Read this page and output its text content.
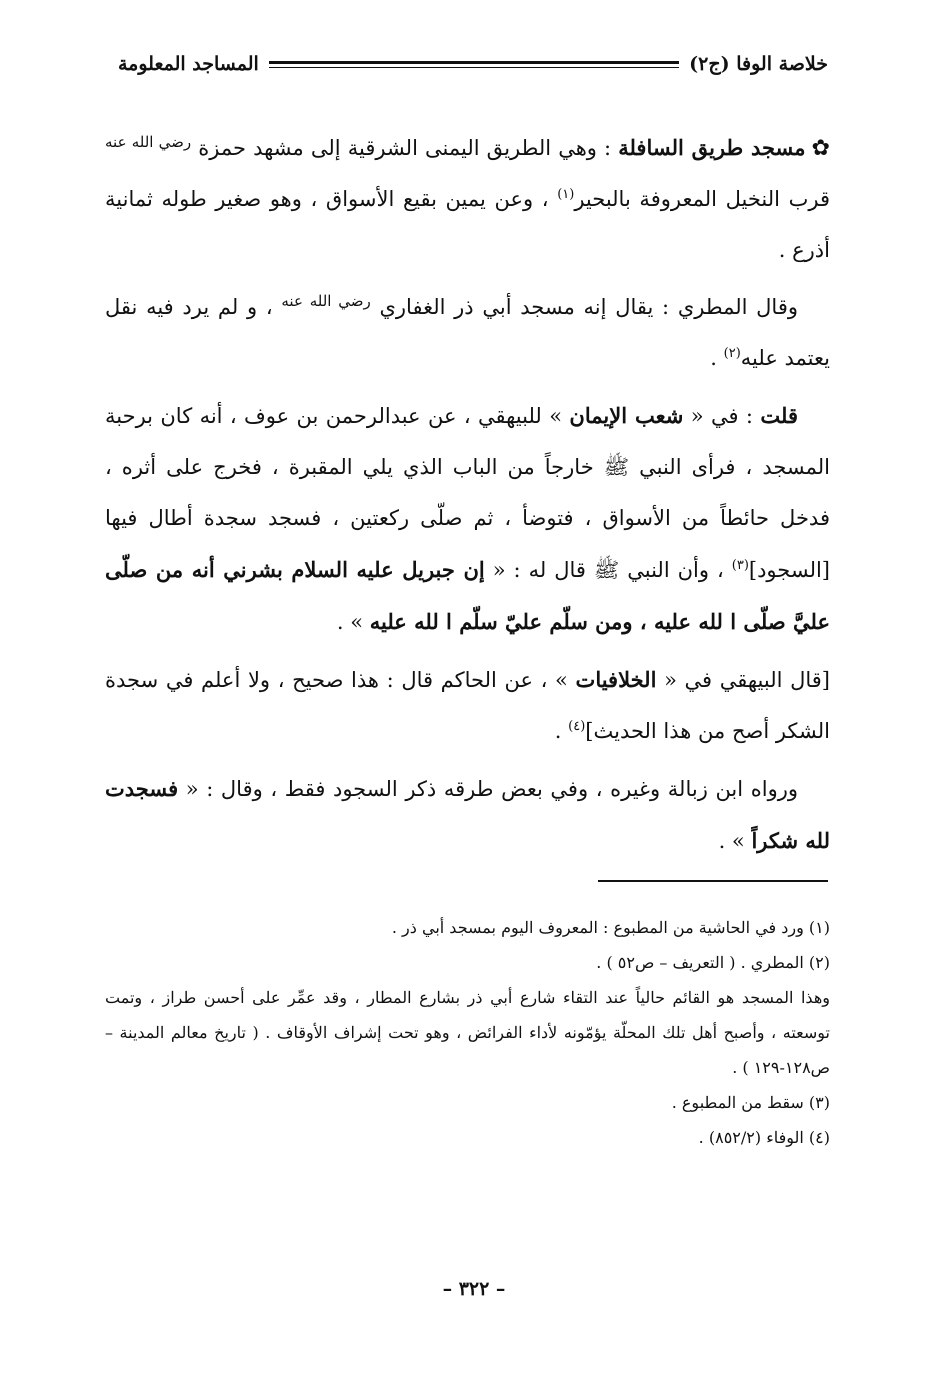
خلاصة الوفا (ج٢)
المساجد المعلومة

✿مسجد طريق السافلة : وهي الطريق اليمنى الشرقية إلى مشهد حمزة $^{رضي الله عنه}$ قرب النخيل المعروفة بالبحير$^{(١)}$ ، وعن يمين بقيع الأسواق ، وهو صغير طوله ثمانية أذرع .

وقال المطري : يقال إنه مسجد أبي ذر الغفاري $^{رضي الله عنه}$ ، و لم يرد فيه نقل يعتمد عليه$^{(٢)}$ .

قلت : في « شعب الإيمان » للبيهقي ، عن عبدالرحمن بن عوف ، أنه كان برحبة المسجد ، فرأى النبي ﷺ خارجاً من الباب الذي يلي المقبرة ، فخرج على أثره ، فدخل حائطاً من الأسواق ، فتوضأ ، ثم صلّى ركعتين ، فسجد سجدة أطال فيها [السجود]$^{(٣)}$ ، وأن النبي ﷺ قال له : « إن جبريل عليه السلام بشرني أنه من صلّى عليَّ صلّى ا لله عليه ، ومن سلّم عليّ سلّم ا لله عليه » .

[قال البيهقي في « الخلافيات » ، عن الحاكم قال : هذا صحيح ، ولا أعلم في سجدة الشكر أصح من هذا الحديث]$^{(٤)}$ .

ورواه ابن زبالة وغيره ، وفي بعض طرقه ذكر السجود فقط ، وقال : « فسجدت لله شكراً » .

(١) ورد في الحاشية من المطبوع : المعروف اليوم بمسجد أبي ذر .
(٢) المطري . ( التعريف – ص٥٢ ) .
وهذا المسجد هو القائم حالياً عند التقاء شارع أبي ذر بشارع المطار ، وقد عمِّر على أحسن طراز ، وتمت توسعته ، وأصبح أهل تلك المحلّة يؤمّونه لأداء الفرائض ، وهو تحت إشراف الأوقاف . ( تاريخ معالم المدينة – ص١٢٨-١٢٩ ) .
(٣) سقط من المطبوع .
(٤) الوفاء (٨٥٢/٢) .
– ٣٢٢ –
